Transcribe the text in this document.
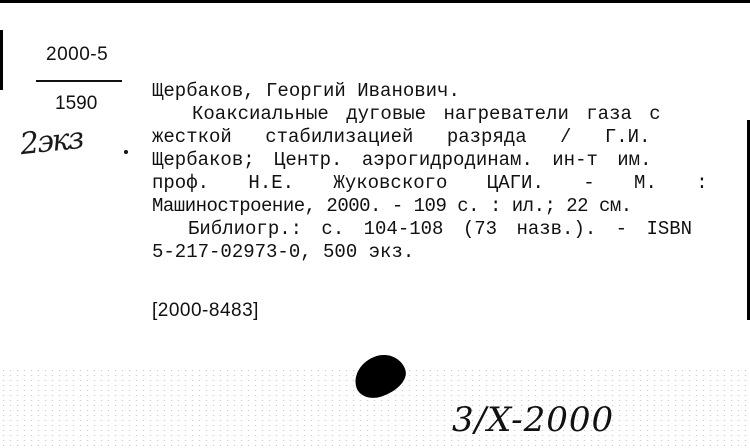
2000-5
1590
2экз
Щербаков, Георгий Иванович.
Коаксиальные дуговые нагреватели газа с
жесткой стабилизацией разряда / Г.И.
Щербаков; Центр. аэрогидродинам. ин-т им.
проф. Н.Е. Жуковского ЦАГИ. - М. :
Машиностроение, 2000. - 109 с. : ил.; 22 см.
Библиогр.: с. 104-108 (73 назв.). - ISBN
5-217-02973-0, 500 экз.
[2000-8483]
3/X-2000
